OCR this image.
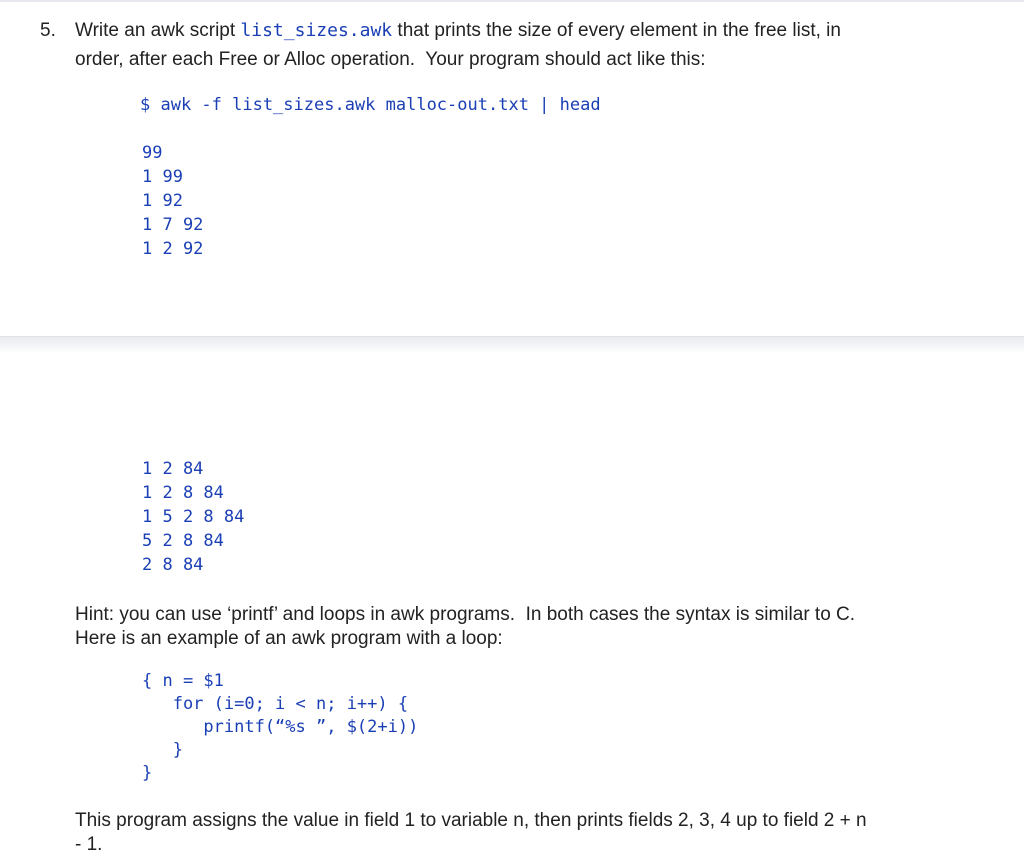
5. Write an awk script list_sizes.awk that prints the size of every element in the free list, in
order, after each Free or Alloc operation.  Your program should act like this:
$ awk -f list_sizes.awk malloc-out.txt | head
99
1 99
1 92
1 7 92
1 2 92
1 2 84
1 2 8 84
1 5 2 8 84
5 2 8 84
2 8 84
Hint: you can use ‘printf’ and loops in awk programs.  In both cases the syntax is similar to C.
Here is an example of an awk program with a loop:
{ n = $1
for (i=0; i < n; i++) {
printf(“%s ”, $(2+i))
}
}
This program assigns the value in field 1 to variable n, then prints fields 2, 3, 4 up to field 2 + n
- 1.
